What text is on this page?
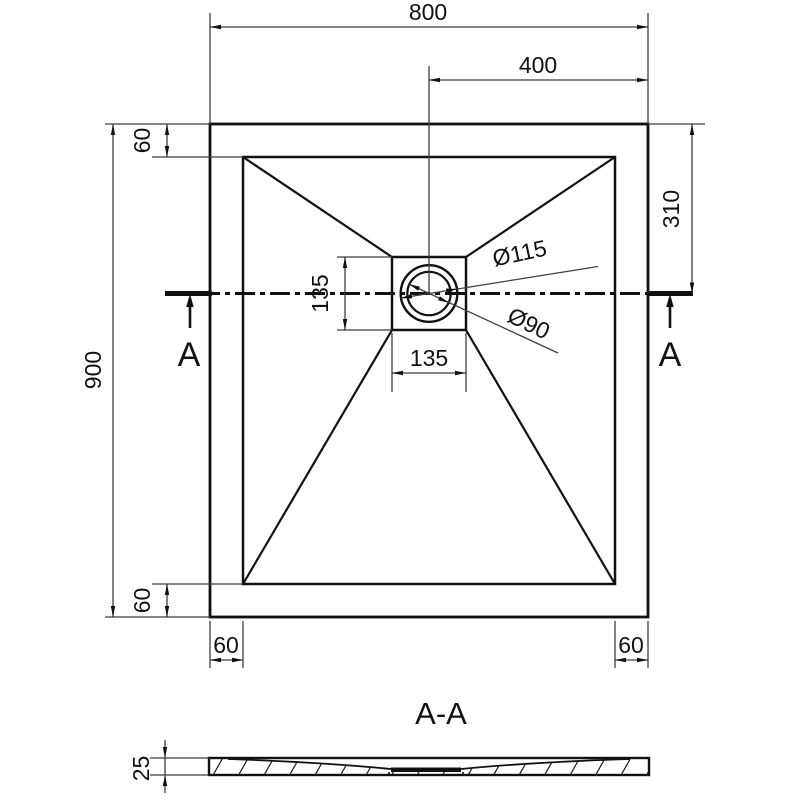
A	A
800
400
900
60
60
310
135
135
60	60
Ø115
Ø90
A-A
25
